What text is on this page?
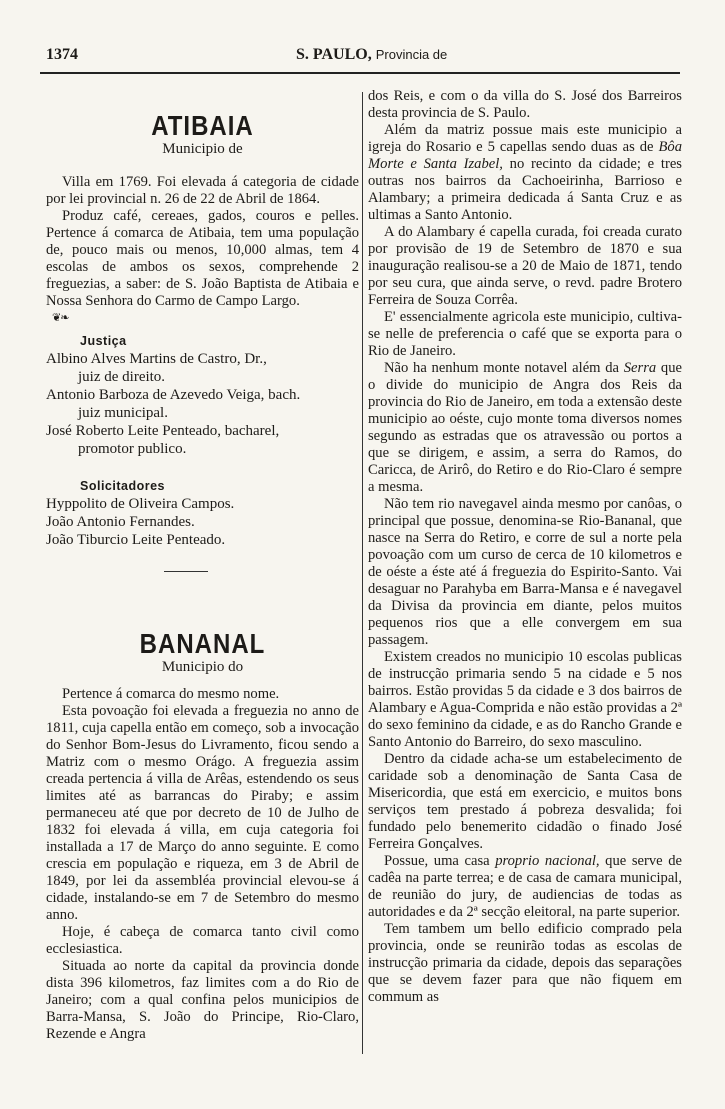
1374	S. PAULO, Provincia de
ATIBAIA
Municipio de

Villa em 1769. Foi elevada á categoria de cidade por lei provincial n. 26 de 22 de Abril de 1864.

Produz café, cereaes, gados, couros e pelles. Pertence á comarca de Atibaia, tem uma população de, pouco mais ou menos, 10,000 almas, tem 4 escolas de ambos os sexos, comprehende 2 freguezias, a saber: de S. João Baptista de Atibaia e Nossa Senhora do Carmo de Campo Largo.

❦❧
Justiça
Albino Alves Martins de Castro, Dr.,
juiz de direito.
Antonio Barboza de Azevedo Veiga, bach.
juiz municipal.
José Roberto Leite Penteado, bacharel,
promotor publico.
Solicitadores
Hyppolito de Oliveira Campos.
João Antonio Fernandes.
João Tiburcio Leite Penteado.
BANANAL
Municipio do

Pertence á comarca do mesmo nome.

Esta povoação foi elevada a freguezia no anno de 1811, cuja capella então em começo, sob a invocação do Senhor Bom-Jesus do Livramento, ficou sendo a Matriz com o mesmo Orágo. A freguezia assim creada pertencia á villa de Arêas, estendendo os seus limites até as barrancas do Piraby; e assim permaneceu até que por decreto de 10 de Julho de 1832 foi elevada á villa, em cuja categoria foi installada a 17 de Março do anno seguinte. E como crescia em população e riqueza, em 3 de Abril de 1849, por lei da assembléa provincial elevou-se á cidade, instalando-se em 7 de Setembro do mesmo anno.

Hoje, é cabeça de comarca tanto civil como ecclesiastica.

Situada ao norte da capital da provincia donde dista 396 kilometros, faz limites com a do Rio de Janeiro; com a qual confina pelos municipios de Barra-Mansa, S. João do Principe, Rio-Claro, Rezende e Angra

dos Reis, e com o da villa do S. José dos Barreiros desta provincia de S. Paulo.

Além da matriz possue mais este municipio a igreja do Rosario e 5 capellas sendo duas as de Bôa Morte e Santa Izabel, no recinto da cidade; e tres outras nos bairros da Cachoeirinha, Barrioso e Alambary; a primeira dedicada á Santa Cruz e as ultimas a Santo Antonio.

A do Alambary é capella curada, foi creada curato por provisão de 19 de Setembro de 1870 e sua inauguração realisou-se a 20 de Maio de 1871, tendo por seu cura, que ainda serve, o revd. padre Brotero Ferreira de Souza Corrêa.

E' essencialmente agricola este municipio, cultiva-se nelle de preferencia o café que se exporta para o Rio de Janeiro.

Não ha nenhum monte notavel além da Serra que o divide do municipio de Angra dos Reis da provincia do Rio de Janeiro, em toda a extensão deste municipio ao oéste, cujo monte toma diversos nomes segundo as estradas que os atravessão ou portos a que se dirigem, e assim, a serra do Ramos, do Caricca, de Arirô, do Retiro e do Rio-Claro é sempre a mesma.

Não tem rio navegavel ainda mesmo por canôas, o principal que possue, denomina-se Rio-Bananal, que nasce na Serra do Retiro, e corre de sul a norte pela povoação com um curso de cerca de 10 kilometros e de oéste a éste até á freguezia do Espirito-Santo. Vai desaguar no Parahyba em Barra-Mansa e é navegavel da Divisa da provincia em diante, pelos muitos pequenos rios que a elle convergem em sua passagem.

Existem creados no municipio 10 escolas publicas de instrucção primaria sendo 5 na cidade e 5 nos bairros. Estão providas 5 da cidade e 3 dos bairros de Alambary e Agua-Comprida e não estão providas a 2ª do sexo feminino da cidade, e as do Rancho Grande e Santo Antonio do Barreiro, do sexo masculino.

Dentro da cidade acha-se um estabelecimento de caridade sob a denominação de Santa Casa de Misericordia, que está em exercicio, e muitos bons serviços tem prestado á pobreza desvalida; foi fundado pelo benemerito cidadão o finado José Ferreira Gonçalves.

Possue, uma casa proprio nacional, que serve de cadêa na parte terrea; e de casa de camara municipal, de reunião do jury, de audiencias de todas as autoridades e da 2ª secção eleitoral, na parte superior.

Tem tambem um bello edificio comprado pela provincia, onde se reunirão todas as escolas de instrucção primaria da cidade, depois das separações que se devem fazer para que não fiquem em commum as
